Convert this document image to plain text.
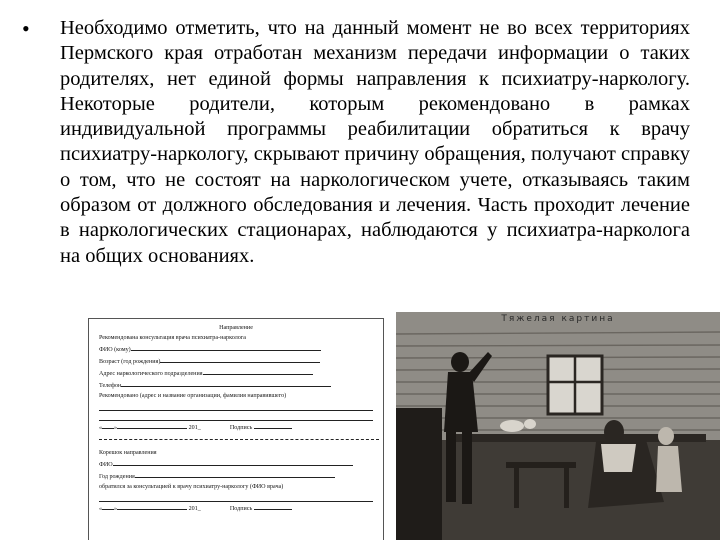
• Необходимо отметить, что на данный момент не во всех территориях Пермского края отработан механизм передачи информации о таких родителях, нет единой формы направления к психиатру-наркологу. Некоторые родители, которым рекомендовано в рамках индивидуальной программы реабилитации обратиться к врачу психиатру-наркологу, скрывают причину обращения, получают справку о том, что не состоят на наркологическом учете, отказываясь таким образом от должного обследования и лечения. Часть проходит лечение в наркологических стационарах, наблюдаются у психиатра-нарколога на общих основаниях.
Направление
Рекомендована консультация врача психиатра-нарколога
ФИО (кому)
Возраст (год рождения)
Адрес наркологического подразделения
Телефон
Рекомендовано (адрес и название организации, фамилия направившего)
« »	201_	Подпись
Корешок направления
ФИО
Год рождения
обратился за консультацией к врачу психиатру-наркологу (ФИО врача)
« »	201_	Подпись
Тяжелая картина
